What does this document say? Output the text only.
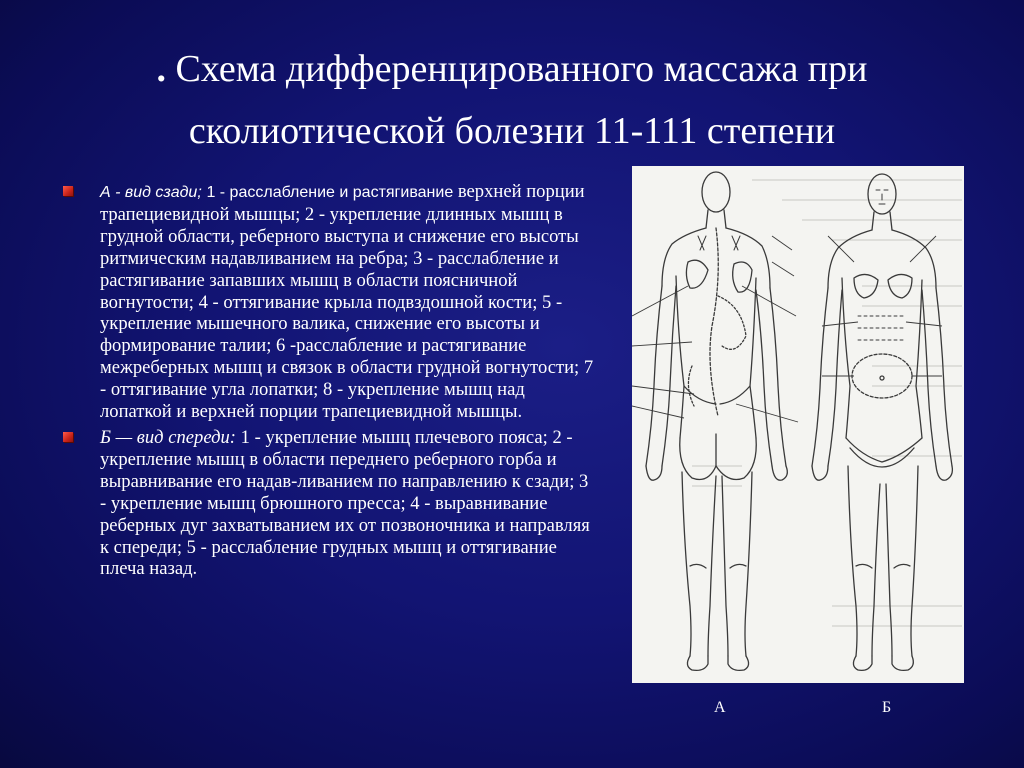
. Схема дифференцированного массажа при
сколиотической болезни 11-111 степени
А - вид сзади; 1 - расслабление и растягивание верхней порции трапециевидной мышцы; 2 - укрепление длинных мышц в грудной области, реберного выступа и снижение его высоты ритмическим надавливанием на ребра; 3 - расслабление и растягивание запавших мышц в области поясничной вогнутости; 4 - оттягивание крыла подвздошной кости; 5 - укрепление мышечного валика, снижение его высоты и формирование талии; 6 -расслабление и растягивание межреберных мышц и связок в области грудной вогнутости; 7 - оттягивание угла лопатки; 8 - укрепление мышц над лопаткой и верхней порции трапециевидной мышцы.
Б — вид спереди: 1 - укрепление мышц плечевого пояса; 2 - укрепление мышц в области переднего реберного горба и выравнивание его надав-ливанием по направлению к сзади; 3 - укрепление мышц брюшного пресса; 4 - выравнивание реберных дуг захватыванием их от позвоночника и направляя к спереди; 5 - расслабление грудных мышц и оттягивание плеча назад.
А	Б
